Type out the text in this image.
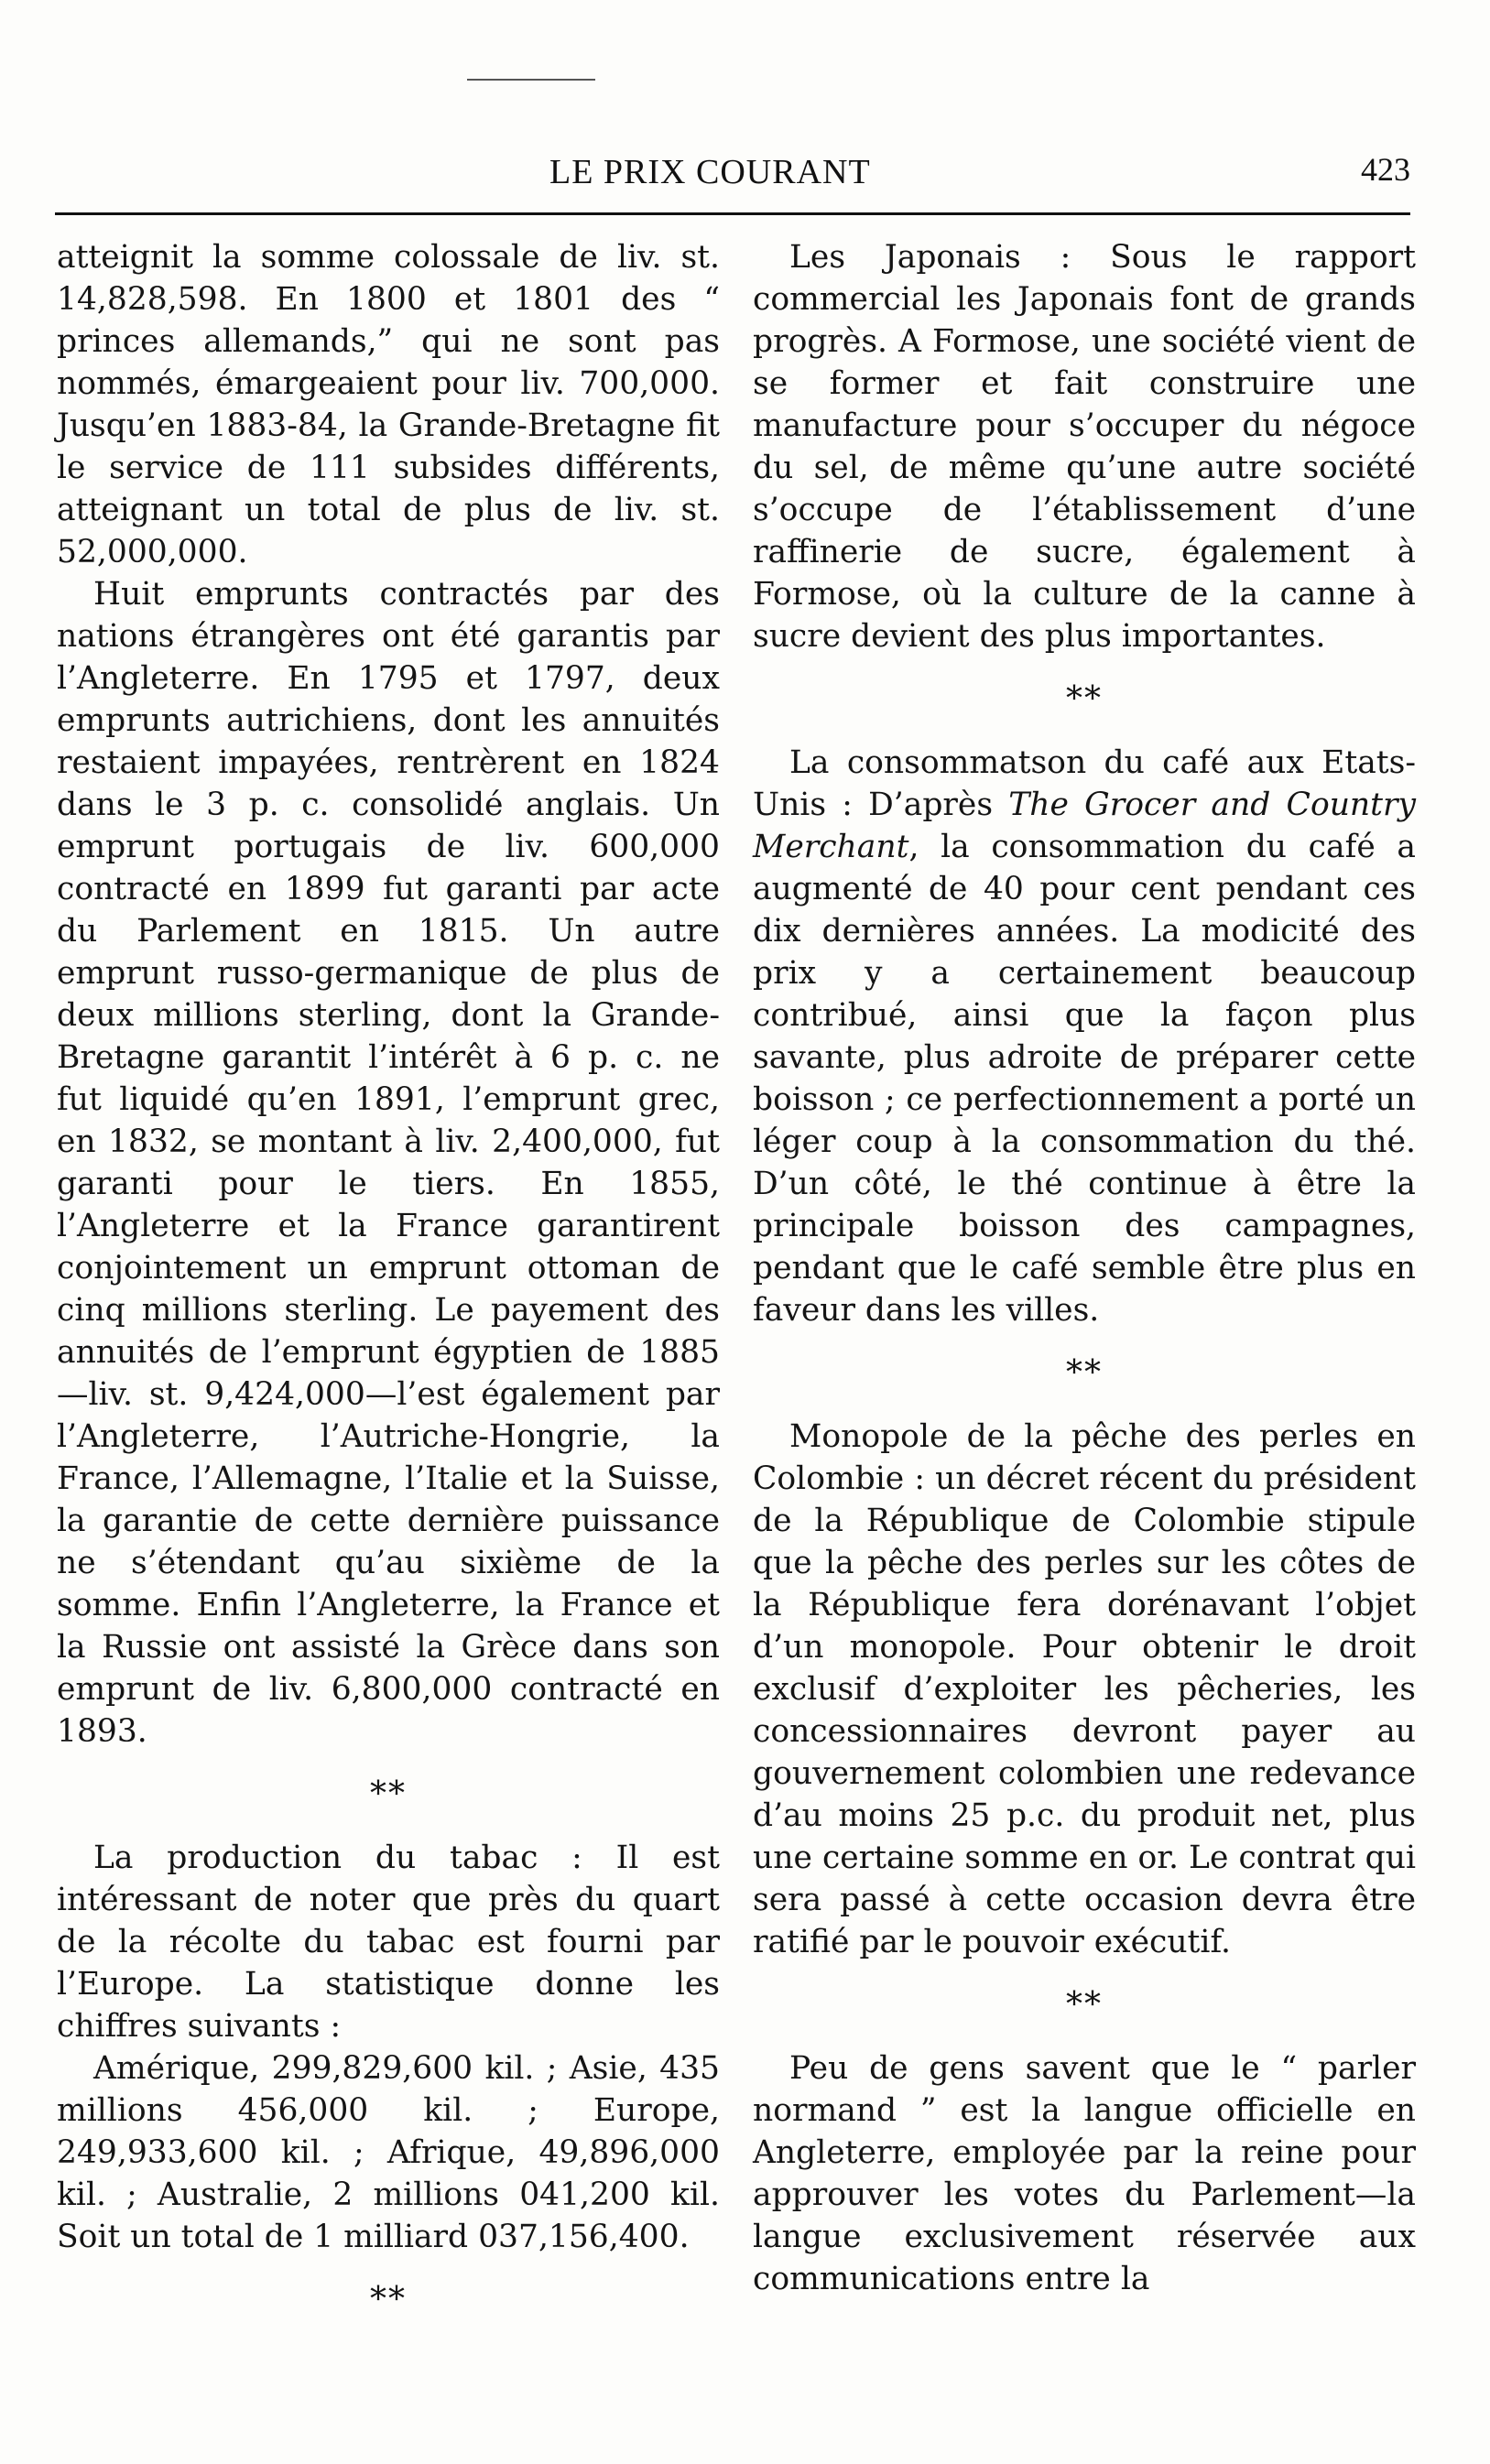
LE PRIX COURANT	423

atteignit la somme colossale de liv. st. 14,828,598. En 1800 et 1801 des “ princes allemands,” qui ne sont pas nommés, émargeaient pour liv. 700,000. Jusqu’en 1883-84, la Grande-Bretagne fit le service de 111 subsides différents, atteignant un total de plus de liv. st. 52,000,000.

Huit emprunts contractés par des nations étrangères ont été garantis par l’Angleterre. En 1795 et 1797, deux emprunts autrichiens, dont les annuités restaient impayées, rentrèrent en 1824 dans le 3 p. c. consolidé anglais. Un emprunt portugais de liv. 600,000 contracté en 1899 fut garanti par acte du Parlement en 1815. Un autre emprunt russo-germanique de plus de deux millions sterling, dont la Grande-Bretagne garantit l’intérêt à 6 p. c. ne fut liquidé qu’en 1891, l’emprunt grec, en 1832, se montant à liv. 2,400,000, fut garanti pour le tiers. En 1855, l’Angleterre et la France garantirent conjointement un emprunt ottoman de cinq millions sterling. Le payement des annuités de l’emprunt égyptien de 1885—liv. st. 9,424,000—l’est également par l’Angleterre, l’Autriche-Hongrie, la France, l’Allemagne, l’Italie et la Suisse, la garantie de cette dernière puissance ne s’étendant qu’au sixième de la somme. Enfin l’Angleterre, la France et la Russie ont assisté la Grèce dans son emprunt de liv. 6,800,000 contracté en 1893.

**

La production du tabac : Il est intéressant de noter que près du quart de la récolte du tabac est fourni par l’Europe. La statistique donne les chiffres suivants :

Amérique, 299,829,600 kil. ; Asie, 435 millions 456,000 kil. ; Europe, 249,933,600 kil. ; Afrique, 49,896,000 kil. ; Australie, 2 millions 041,200 kil. Soit un total de 1 milliard 037,156,400.

**

Les Japonais : Sous le rapport commercial les Japonais font de grands progrès. A Formose, une société vient de se former et fait construire une manufacture pour s’occuper du négoce du sel, de même qu’une autre société s’occupe de l’établissement d’une raffinerie de sucre, également à Formose, où la culture de la canne à sucre devient des plus importantes.

**

La consommatson du café aux Etats-Unis : D’après The Grocer and Country Merchant, la consommation du café a augmenté de 40 pour cent pendant ces dix dernières années. La modicité des prix y a certainement beaucoup contribué, ainsi que la façon plus savante, plus adroite de préparer cette boisson ; ce perfectionnement a porté un léger coup à la consommation du thé. D’un côté, le thé continue à être la principale boisson des campagnes, pendant que le café semble être plus en faveur dans les villes.

**

Monopole de la pêche des perles en Colombie : un décret récent du président de la République de Colombie stipule que la pêche des perles sur les côtes de la République fera dorénavant l’objet d’un monopole. Pour obtenir le droit exclusif d’exploiter les pêcheries, les concessionnaires devront payer au gouvernement colombien une redevance d’au moins 25 p.c. du produit net, plus une certaine somme en or. Le contrat qui sera passé à cette occasion devra être ratifié par le pouvoir exécutif.

**

Peu de gens savent que le “ parler normand ” est la langue officielle en Angleterre, employée par la reine pour approuver les votes du Parlement—la langue exclusivement réservée aux communications entre la
